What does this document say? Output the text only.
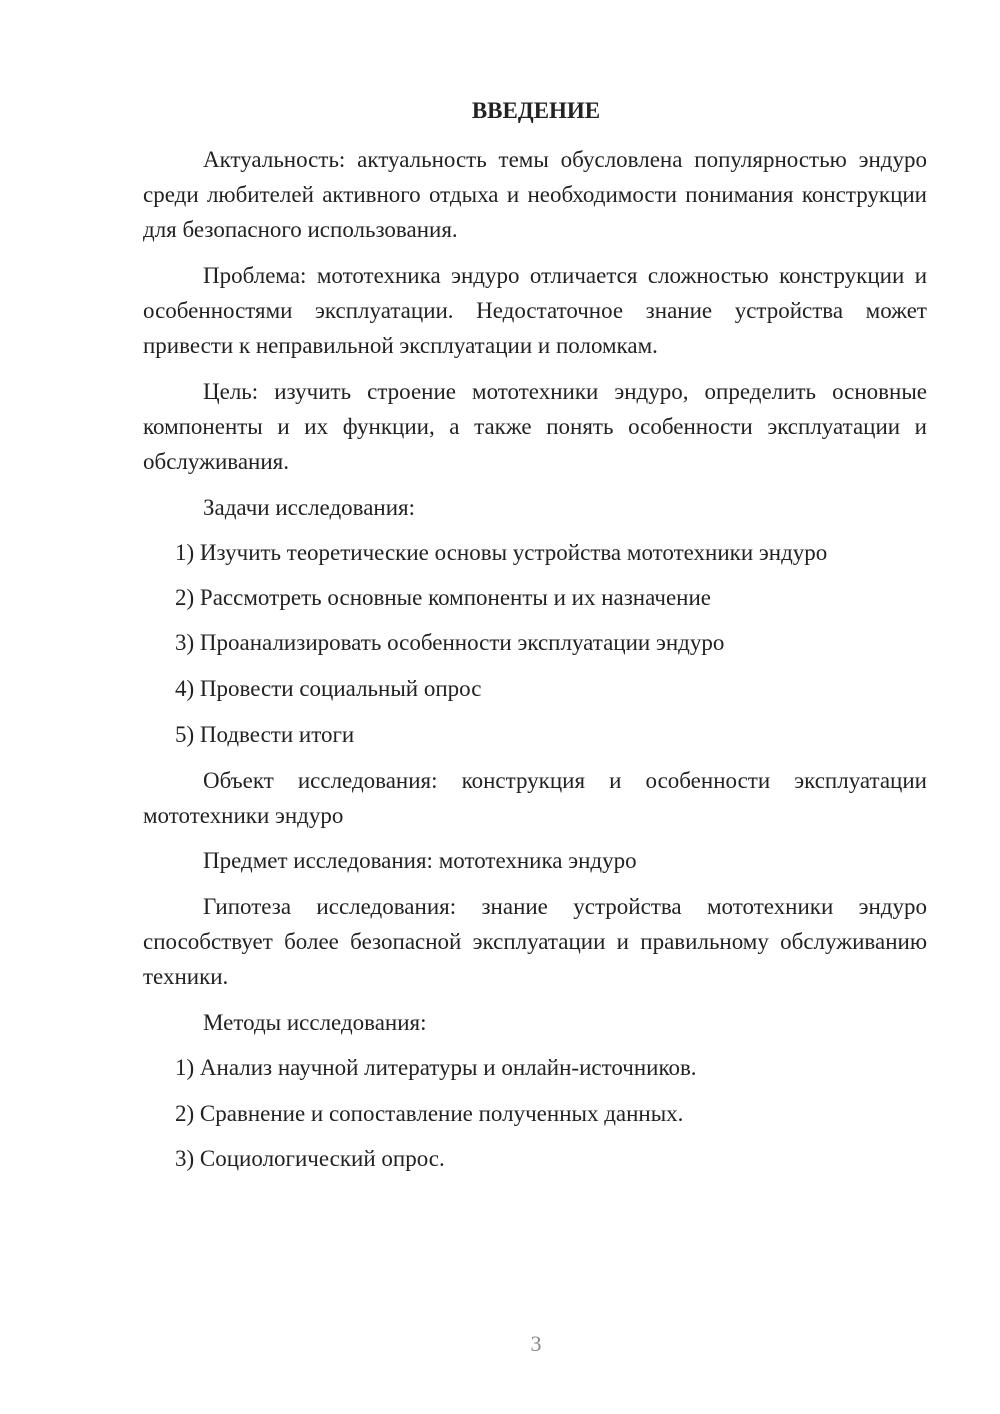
ВВЕДЕНИЕ
Актуальность: актуальность темы обусловлена популярностью эндуро среди любителей активного отдыха и необходимости понимания конструкции для безопасного использования.
Проблема: мототехника эндуро отличается сложностью конструкции и особенностями эксплуатации. Недостаточное знание устройства может привести к неправильной эксплуатации и поломкам.
Цель: изучить строение мототехники эндуро, определить основные компоненты и их функции, а также понять особенности эксплуатации и обслуживания.
Задачи исследования:
1) Изучить теоретические основы устройства мототехники эндуро
2) Рассмотреть основные компоненты и их назначение
3) Проанализировать особенности эксплуатации эндуро
4) Провести социальный опрос
5) Подвести итоги
Объект исследования: конструкция и особенности эксплуатации мототехники эндуро
Предмет исследования: мототехника эндуро
Гипотеза исследования: знание устройства мототехники эндуро способствует более безопасной эксплуатации и правильному обслуживанию техники.
Методы исследования:
1) Анализ научной литературы и онлайн-источников.
2) Сравнение и сопоставление полученных данных.
3) Социологический опрос.
3
